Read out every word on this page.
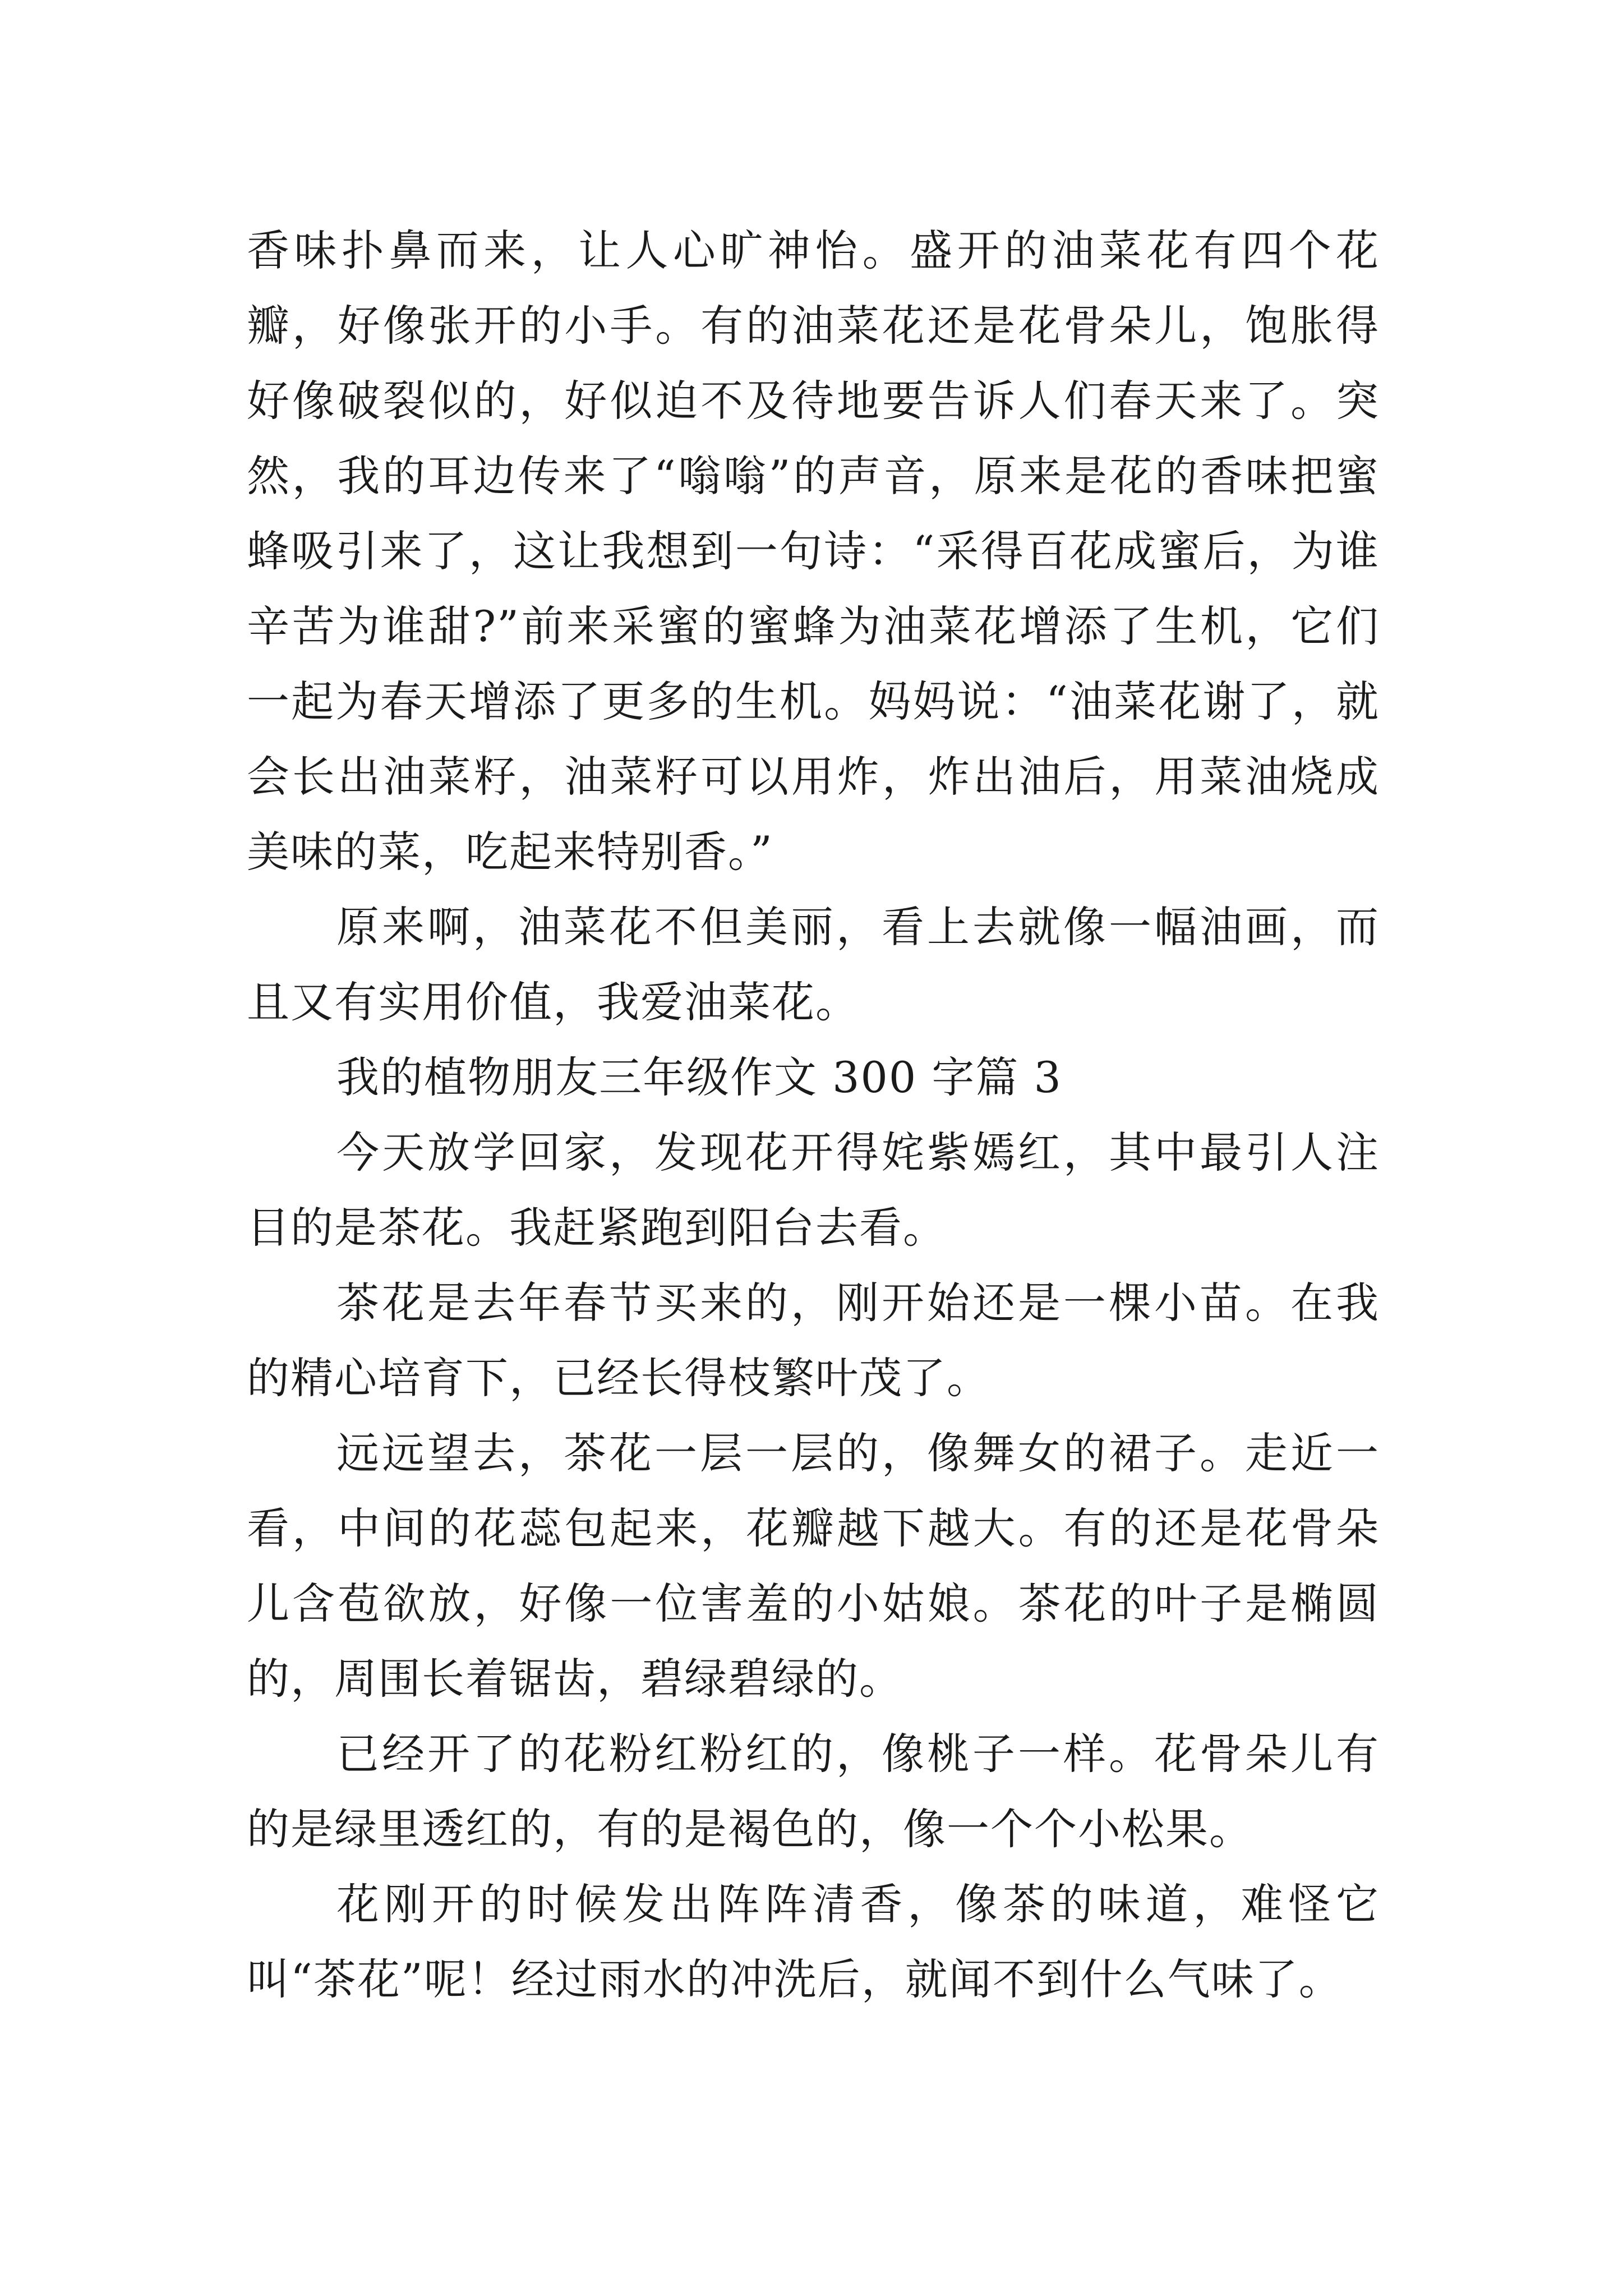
香味扑鼻而来，让人心旷神怡。盛开的油菜花有四个花瓣，好像张开的小手。有的油菜花还是花骨朵儿，饱胀得好像破裂似的，好似迫不及待地要告诉人们春天来了。突然，我的耳边传来了“嗡嗡”的声音，原来是花的香味把蜜蜂吸引来了，这让我想到一句诗：“采得百花成蜜后，为谁辛苦为谁甜?”前来采蜜的蜜蜂为油菜花增添了生机，它们一起为春天增添了更多的生机。妈妈说：“油菜花谢了，就会长出油菜籽，油菜籽可以用炸，炸出油后，用菜油烧成美味的菜，吃起来特别香。”

原来啊，油菜花不但美丽，看上去就像一幅油画，而且又有实用价值，我爱油菜花。

我的植物朋友三年级作文 300 字篇 3

今天放学回家，发现花开得姹紫嫣红，其中最引人注目的是茶花。我赶紧跑到阳台去看。

茶花是去年春节买来的，刚开始还是一棵小苗。在我的精心培育下，已经长得枝繁叶茂了。

远远望去，茶花一层一层的，像舞女的裙子。走近一看，中间的花蕊包起来，花瓣越下越大。有的还是花骨朵儿含苞欲放，好像一位害羞的小姑娘。茶花的叶子是椭圆的，周围长着锯齿，碧绿碧绿的。

已经开了的花粉红粉红的，像桃子一样。花骨朵儿有的是绿里透红的，有的是褐色的，像一个个小松果。

花刚开的时候发出阵阵清香，像茶的味道，难怪它叫“茶花”呢！经过雨水的冲洗后，就闻不到什么气味了。
